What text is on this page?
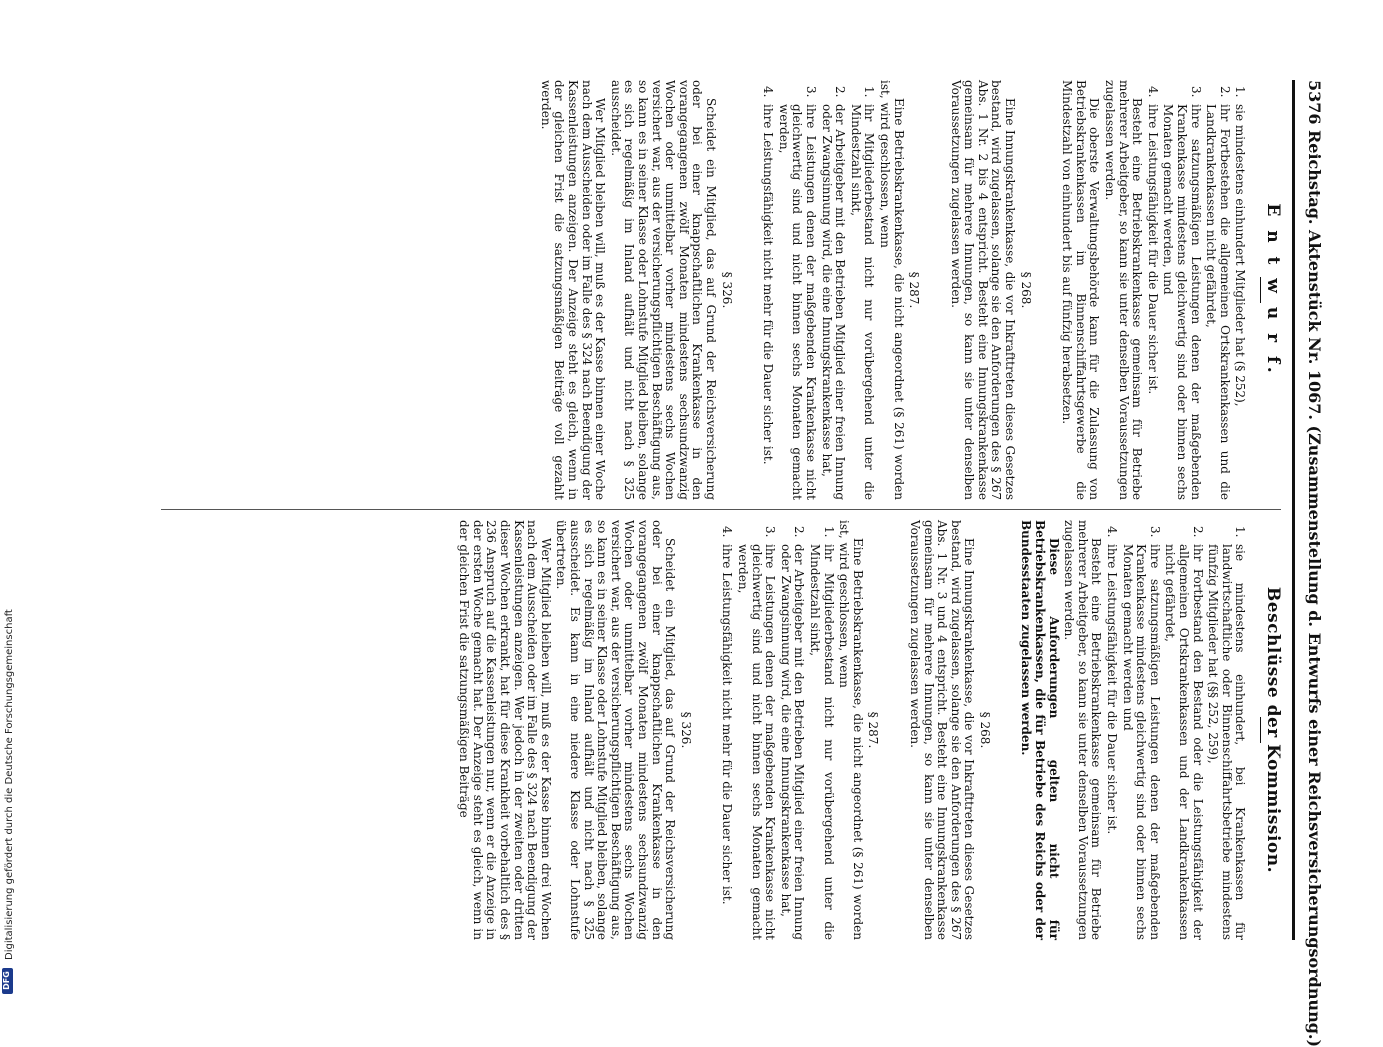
5376
Reichstag. Aktenstück Nr. 1067. (Zusammenstellung d. Entwurfs einer Reichsversicherungsordnung.)
E n t w u r f.
1.
sie mindestens einhundert Mitglieder hat (§ 252),
2.
ihr Fortbestehen die allgemeinen Ortskrankenkassen und die Landkrankenkassen nicht gefährdet,
3.
ihre satzungsmäßigen Leistungen denen der maßgebenden Krankenkasse mindestens gleichwertig sind oder binnen sechs Monaten gemacht werden, und
4.
ihre Leistungsfähigkeit für die Dauer sicher ist.

Besteht eine Betriebskrankenkasse gemeinsam für Betriebe mehrerer Arbeitgeber, so kann sie unter denselben Voraussetzungen zugelassen werden.

Die oberste Verwaltungsbehörde kann für die Zulassung von Betriebskrankenkassen im Binnenschiffahrtsgewerbe die Mindestzahl von einhundert bis auf fünfzig herabsetzen.

§ 268.

Eine Innungskrankenkasse, die vor Inkrafttreten dieses Gesetzes bestand, wird zugelassen, solange sie den Anforderungen des § 267 Abs. 1 Nr. 2 bis 4 entspricht. Besteht eine Innungskrankenkasse gemeinsam für mehrere Innungen, so kann sie unter denselben Voraussetzungen zugelassen werden.

§ 287.

Eine Betriebskrankenkasse, die nicht angeordnet (§ 261) worden ist, wird geschlossen, wenn

1.
ihr Mitgliederbestand nicht nur vorübergehend unter die Mindestzahl sinkt,
2.
der Arbeitgeber mit den Betrieben Mitglied einer freien Innung oder Zwangsinnung wird, die eine Innungskrankenkasse hat,
3.
ihre Leistungen denen der maßgebenden Krankenkasse nicht gleichwertig sind und nicht binnen sechs Monaten gemacht werden,
4.
ihre Leistungsfähigkeit nicht mehr für die Dauer sicher ist.
§ 326.

Scheidet ein Mitglied, das auf Grund der Reichsversicherung oder bei einer knappschaftlichen Krankenkasse in den vorangegangenen zwölf Monaten mindestens sechsundzwanzig Wochen oder unmittelbar vorher mindestens sechs Wochen versichert war, aus der versicherungspflichtigen Beschäftigung aus, so kann es in seiner Klasse oder Lohnstufe Mitglied bleiben, solange es sich regelmäßig im Inland aufhält und nicht nach § 325 ausscheidet.

Wer Mitglied bleiben will, muß es der Kasse binnen einer Woche nach dem Ausscheiden oder im Falle des § 324 nach Beendigung der Kassenleistungen anzeigen. Der Anzeige steht es gleich, wenn in der gleichen Frist die satzungsmäßigen Beiträge voll gezahlt werden.

Beschlüsse der Kommission.
1.
sie mindestens einhundert, bei Krankenkassen für landwirtschaftliche oder Binnenschiffahrtsbetriebe mindestens fünfzig Mitglieder hat (§§ 252, 259),
2.
ihr Fortbestand den Bestand oder die Leistungsfähigkeit der allgemeinen Ortskrankenkassen und der Landkrankenkassen nicht gefährdet,
3.
ihre satzungsmäßigen Leistungen denen der maßgebenden Krankenkasse mindestens gleichwertig sind oder binnen sechs Monaten gemacht werden und
4.
ihre Leistungsfähigkeit für die Dauer sicher ist.

Besteht eine Betriebskrankenkasse gemeinsam für Betriebe mehrerer Arbeitgeber, so kann sie unter denselben Voraussetzungen zugelassen werden.

Diese Anforderungen gelten nicht für Betriebskrankenkassen, die für Betriebe des Reichs oder der Bundesstaaten zugelassen werden.

§ 268.

Eine Innungskrankenkasse, die vor Inkrafttreten dieses Gesetzes bestand, wird zugelassen, solange sie den Anforderungen des § 267 Abs. 1 Nr. 3 und 4 entspricht. Besteht eine Innungskrankenkasse gemeinsam für mehrere Innungen, so kann sie unter denselben Voraussetzungen zugelassen werden.

§ 287.

Eine Betriebskrankenkasse, die nicht angeordnet (§ 261) worden ist, wird geschlossen, wenn

1.
ihr Mitgliederbestand nicht nur vorübergehend unter die Mindestzahl sinkt,
2.
der Arbeitgeber mit den Betrieben Mitglied einer freien Innung oder Zwangsinnung wird, die eine Innungskrankenkasse hat,
3.
ihre Leistungen denen der maßgebenden Krankenkasse nicht gleichwertig sind und nicht binnen sechs Monaten gemacht werden,
4.
ihre Leistungsfähigkeit nicht mehr für die Dauer sicher ist.
§ 326.

Scheidet ein Mitglied, das auf Grund der Reichsversicherung oder bei einer knappschaftlichen Krankenkasse in den vorangegangenen zwölf Monaten mindestens sechsundzwanzig Wochen oder unmittelbar vorher mindestens sechs Wochen versichert war, aus der versicherungspflichtigen Beschäftigung aus, so kann es in seiner Klasse oder Lohnstufe Mitglied bleiben, solange es sich regelmäßig im Inland aufhält und nicht nach § 325 ausscheidet. Es kann in eine niedere Klasse oder Lohnstufe übertreten.

Wer Mitglied bleiben will, muß es der Kasse binnen drei Wochen nach dem Ausscheiden oder im Falle des § 324 nach Beendigung der Kassenleistungen anzeigen. Wer jedoch in der zweiten oder dritten dieser Wochen erkrankt, hat für diese Krankheit vorbehaltlich des § 236 Anspruch auf die Kassenleistungen nur, wenn er die Anzeige in der ersten Woche gemacht hat. Der Anzeige steht es gleich, wenn in der gleichen Frist die satzungsmäßigen Beiträge

Digitalisierung gefördert durch die Deutsche Forschungsgemeinschaft
DFG
